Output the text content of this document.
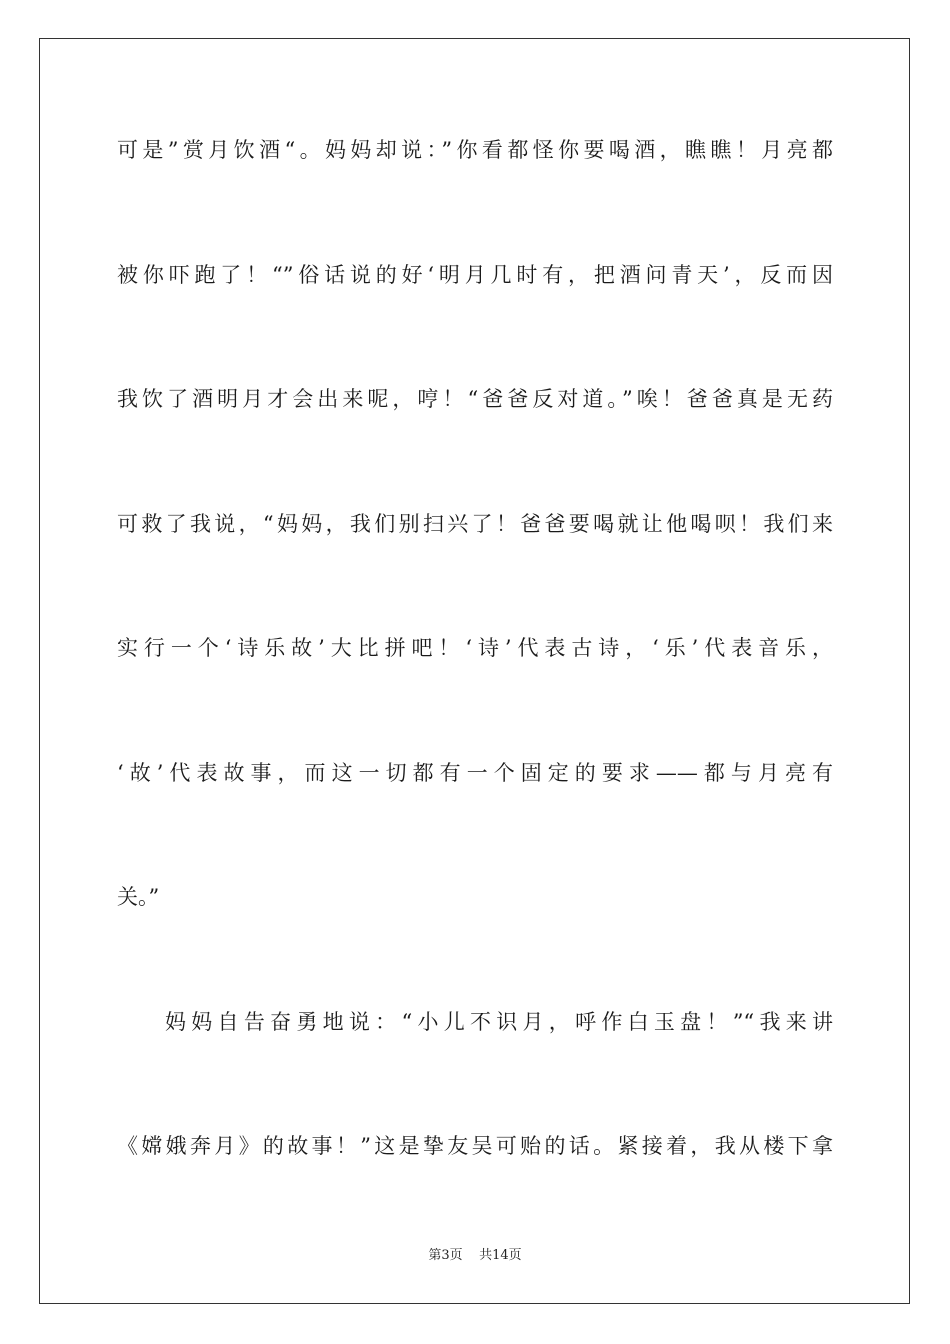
可是”赏月饮酒“。妈妈却说：”你看都怪你要喝酒，瞧瞧！月亮都
被你吓跑了！“”俗话说的好‘明月几时有，把酒问青天’，反而因
我饮了酒明月才会出来呢，哼！“爸爸反对道。”唉！爸爸真是无药
可救了我说，“妈妈，我们别扫兴了！爸爸要喝就让他喝呗！我们来
实行一个‘诗乐故’大比拼吧！‘诗’代表古诗，‘乐’代表音乐，
‘故’代表故事，而这一切都有一个固定的要求——都与月亮有
关。”
妈妈自告奋勇地说：“小儿不识月，呼作白玉盘！”“我来讲
《嫦娥奔月》的故事！”这是挚友吴可贻的话。紧接着，我从楼下拿
第3页 共14页
